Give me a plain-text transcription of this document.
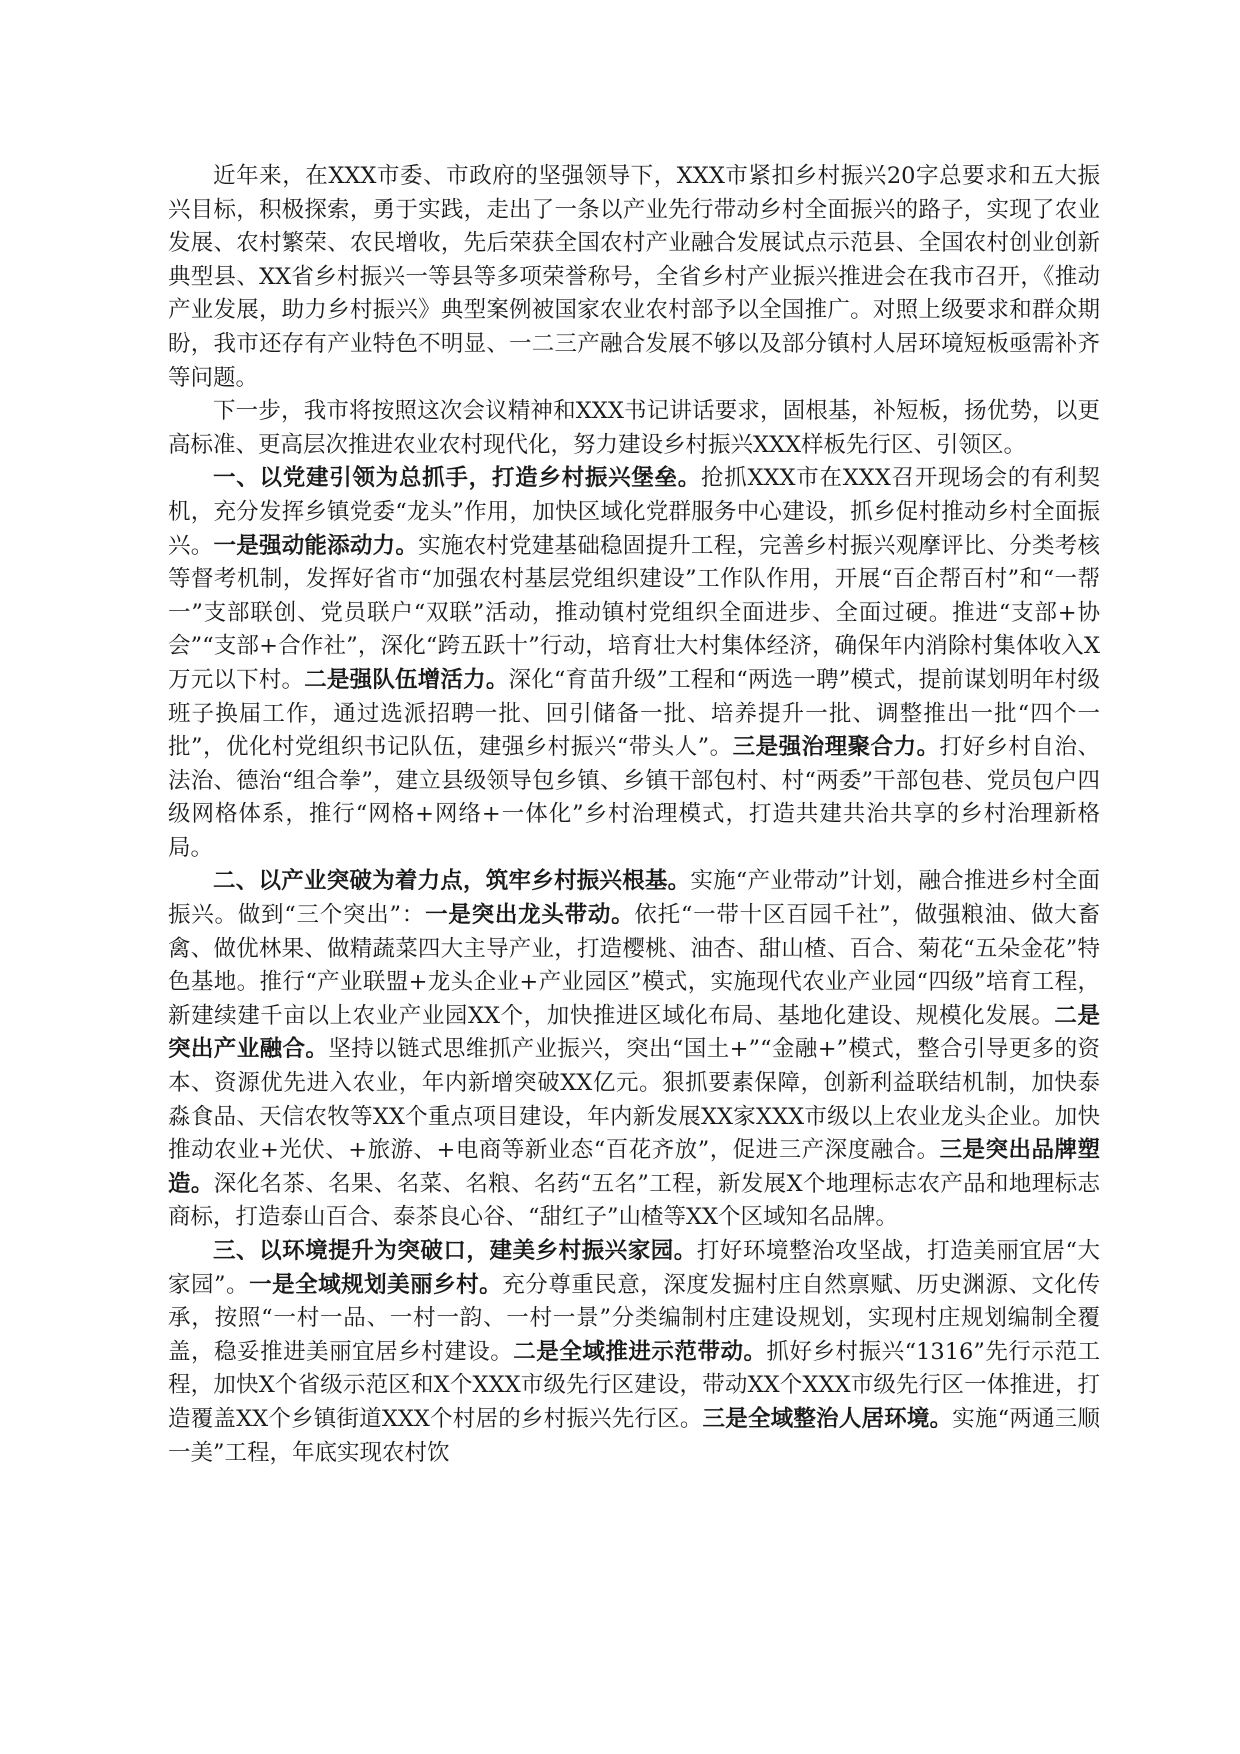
近年来，在XXX市委、市政府的坚强领导下，XXX市紧扣乡村振兴20字总要求和五大振兴目标，积极探索，勇于实践，走出了一条以产业先行带动乡村全面振兴的路子，实现了农业发展、农村繁荣、农民增收，先后荣获全国农村产业融合发展试点示范县、全国农村创业创新典型县、XX省乡村振兴一等县等多项荣誉称号，全省乡村产业振兴推进会在我市召开，《推动产业发展，助力乡村振兴》典型案例被国家农业农村部予以全国推广。对照上级要求和群众期盼，我市还存有产业特色不明显、一二三产融合发展不够以及部分镇村人居环境短板亟需补齐等问题。

下一步，我市将按照这次会议精神和XXX书记讲话要求，固根基，补短板，扬优势，以更高标准、更高层次推进农业农村现代化，努力建设乡村振兴XXX样板先行区、引领区。

一、以党建引领为总抓手，打造乡村振兴堡垒。抢抓XXX市在XXX召开现场会的有利契机，充分发挥乡镇党委“龙头”作用，加快区域化党群服务中心建设，抓乡促村推动乡村全面振兴。一是强动能添动力。实施农村党建基础稳固提升工程，完善乡村振兴观摩评比、分类考核等督考机制，发挥好省市“加强农村基层党组织建设”工作队作用，开展“百企帮百村”和“一帮一”支部联创、党员联户“双联”活动，推动镇村党组织全面进步、全面过硬。推进“支部+协会”“支部+合作社”，深化“跨五跃十”行动，培育壮大村集体经济，确保年内消除村集体收入X万元以下村。二是强队伍增活力。深化“育苗升级”工程和“两选一聘”模式，提前谋划明年村级班子换届工作，通过选派招聘一批、回引储备一批、培养提升一批、调整推出一批“四个一批”，优化村党组织书记队伍，建强乡村振兴“带头人”。三是强治理聚合力。打好乡村自治、法治、德治“组合拳”，建立县级领导包乡镇、乡镇干部包村、村“两委”干部包巷、党员包户四级网格体系，推行“网格+网络+一体化”乡村治理模式，打造共建共治共享的乡村治理新格局。

二、以产业突破为着力点，筑牢乡村振兴根基。实施“产业带动”计划，融合推进乡村全面振兴。做到“三个突出”：一是突出龙头带动。依托“一带十区百园千社”，做强粮油、做大畜禽、做优林果、做精蔬菜四大主导产业，打造樱桃、油杏、甜山楂、百合、菊花“五朵金花”特色基地。推行“产业联盟+龙头企业+产业园区”模式，实施现代农业产业园“四级”培育工程，新建续建千亩以上农业产业园XX个，加快推进区域化布局、基地化建设、规模化发展。二是突出产业融合。坚持以链式思维抓产业振兴，突出“国土+”“金融+”模式，整合引导更多的资本、资源优先进入农业，年内新增突破XX亿元。狠抓要素保障，创新利益联结机制，加快泰淼食品、天信农牧等XX个重点项目建设，年内新发展XX家XXX市级以上农业龙头企业。加快推动农业+光伏、+旅游、+电商等新业态“百花齐放”，促进三产深度融合。三是突出品牌塑造。深化名茶、名果、名菜、名粮、名药“五名”工程，新发展X个地理标志农产品和地理标志商标，打造泰山百合、泰茶良心谷、“甜红子”山楂等XX个区域知名品牌。

三、以环境提升为突破口，建美乡村振兴家园。打好环境整治攻坚战，打造美丽宜居“大家园”。一是全域规划美丽乡村。充分尊重民意，深度发掘村庄自然禀赋、历史渊源、文化传承，按照“一村一品、一村一韵、一村一景”分类编制村庄建设规划，实现村庄规划编制全覆盖，稳妥推进美丽宜居乡村建设。二是全域推进示范带动。抓好乡村振兴“1316”先行示范工程，加快X个省级示范区和X个XXX市级先行区建设，带动XX个XXX市级先行区一体推进，打造覆盖XX个乡镇街道XXX个村居的乡村振兴先行区。三是全域整治人居环境。实施“两通三顺一美”工程，年底实现农村饮
